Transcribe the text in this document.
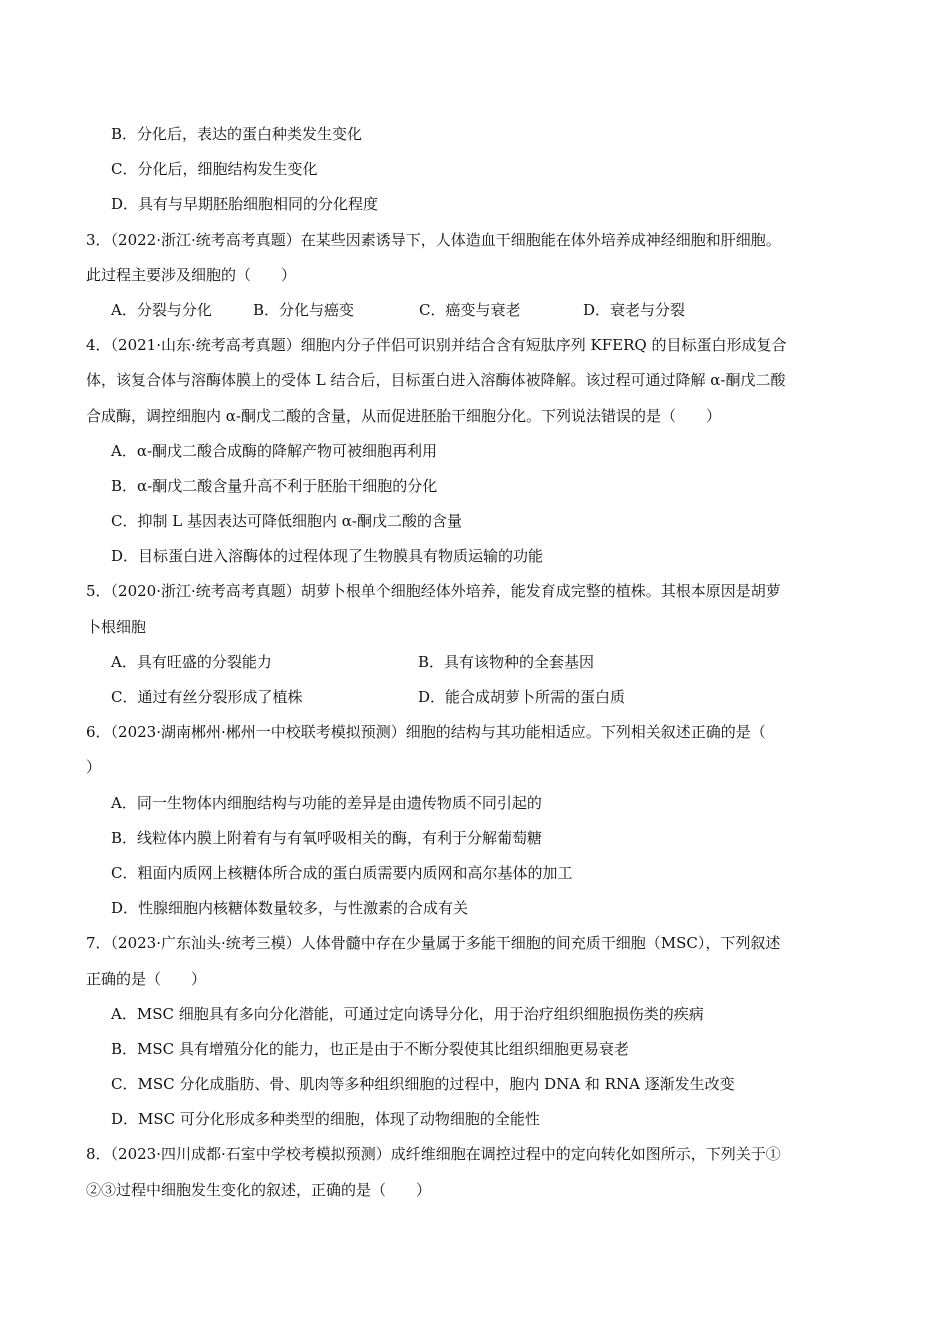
B．分化后，表达的蛋白种类发生变化
C．分化后，细胞结构发生变化
D．具有与早期胚胎细胞相同的分化程度
3．（2022·浙江·统考高考真题）在某些因素诱导下，人体造血干细胞能在体外培养成神经细胞和肝细胞。
此过程主要涉及细胞的（　　）
A．分裂与分化	B．分化与癌变	C．癌变与衰老	D．衰老与分裂
4．（2021·山东·统考高考真题）细胞内分子伴侣可识别并结合含有短肽序列 KFERQ 的目标蛋白形成复合
体，该复合体与溶酶体膜上的受体 L 结合后，目标蛋白进入溶酶体被降解。该过程可通过降解 α-酮戊二酸
合成酶，调控细胞内 α-酮戊二酸的含量，从而促进胚胎干细胞分化。下列说法错误的是（　　）
A．α-酮戊二酸合成酶的降解产物可被细胞再利用
B．α-酮戊二酸含量升高不利于胚胎干细胞的分化
C．抑制 L 基因表达可降低细胞内 α-酮戊二酸的含量
D．目标蛋白进入溶酶体的过程体现了生物膜具有物质运输的功能
5．（2020·浙江·统考高考真题）胡萝卜根单个细胞经体外培养，能发育成完整的植株。其根本原因是胡萝
卜根细胞
A．具有旺盛的分裂能力	B．具有该物种的全套基因
C．通过有丝分裂形成了植株	D．能合成胡萝卜所需的蛋白质
6．（2023·湖南郴州·郴州一中校联考模拟预测）细胞的结构与其功能相适应。下列相关叙述正确的是（
）
A．同一生物体内细胞结构与功能的差异是由遗传物质不同引起的
B．线粒体内膜上附着有与有氧呼吸相关的酶，有利于分解葡萄糖
C．粗面内质网上核糖体所合成的蛋白质需要内质网和高尔基体的加工
D．性腺细胞内核糖体数量较多，与性激素的合成有关
7．（2023·广东汕头·统考三模）人体骨髓中存在少量属于多能干细胞的间充质干细胞（MSC），下列叙述
正确的是（　　）
A．MSC 细胞具有多向分化潜能，可通过定向诱导分化，用于治疗组织细胞损伤类的疾病
B．MSC 具有增殖分化的能力，也正是由于不断分裂使其比组织细胞更易衰老
C．MSC 分化成脂肪、骨、肌肉等多种组织细胞的过程中，胞内 DNA 和 RNA 逐渐发生改变
D．MSC 可分化形成多种类型的细胞，体现了动物细胞的全能性
8．（2023·四川成都·石室中学校考模拟预测）成纤维细胞在调控过程中的定向转化如图所示，下列关于①
②③过程中细胞发生变化的叙述，正确的是（　　）
